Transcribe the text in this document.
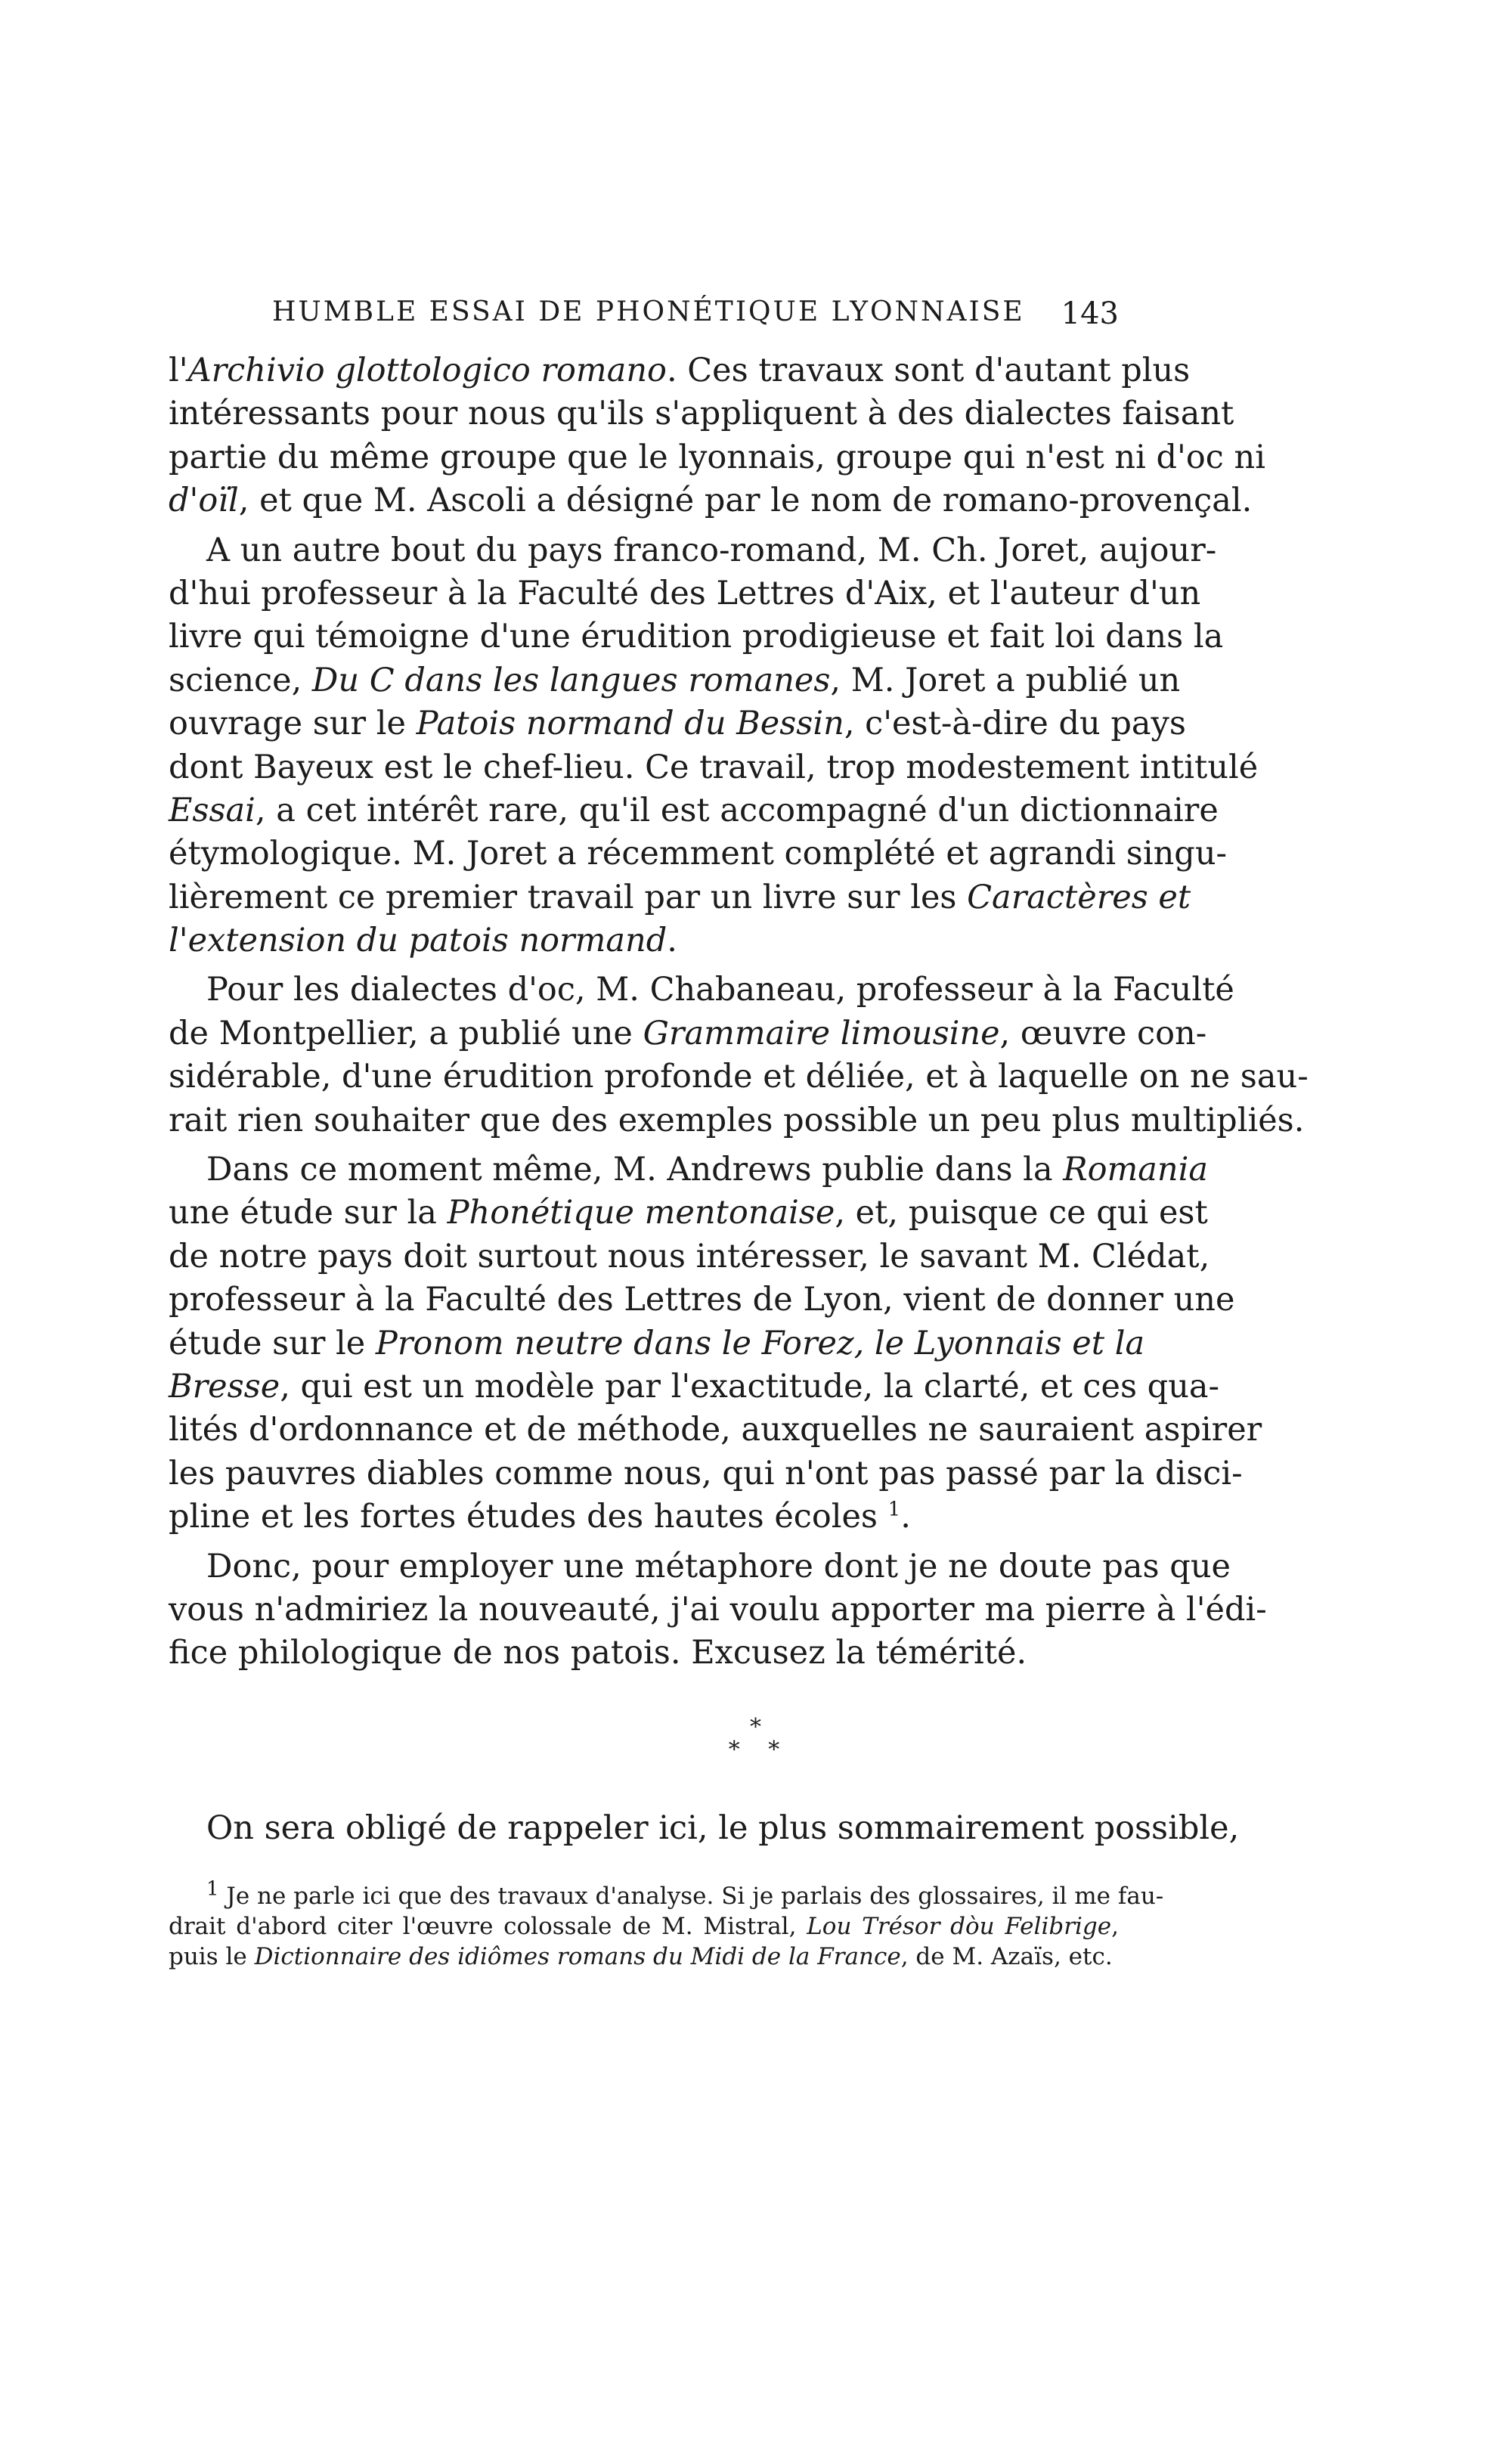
HUMBLE ESSAI DE PHONÉTIQUE LYONNAISE 143
l'Archivio glottologico romano. Ces travaux sont d'autant plus
intéressants pour nous qu'ils s'appliquent à des dialectes faisant
partie du même groupe que le lyonnais, groupe qui n'est ni d'oc ni
d'oïl, et que M. Ascoli a désigné par le nom de romano-provençal.
A un autre bout du pays franco-romand, M. Ch. Joret, aujour-
d'hui professeur à la Faculté des Lettres d'Aix, et l'auteur d'un
livre qui témoigne d'une érudition prodigieuse et fait loi dans la
science, Du C dans les langues romanes, M. Joret a publié un
ouvrage sur le Patois normand du Bessin, c'est-à-dire du pays
dont Bayeux est le chef-lieu. Ce travail, trop modestement intitulé
Essai, a cet intérêt rare, qu'il est accompagné d'un dictionnaire
étymologique. M. Joret a récemment complété et agrandi singu-
lièrement ce premier travail par un livre sur les Caractères et
l'extension du patois normand.
Pour les dialectes d'oc, M. Chabaneau, professeur à la Faculté
de Montpellier, a publié une Grammaire limousine, œuvre con-
sidérable, d'une érudition profonde et déliée, et à laquelle on ne sau-
rait rien souhaiter que des exemples possible un peu plus multipliés.
Dans ce moment même, M. Andrews publie dans la Romania
une étude sur la Phonétique mentonaise, et, puisque ce qui est
de notre pays doit surtout nous intéresser, le savant M. Clédat,
professeur à la Faculté des Lettres de Lyon, vient de donner une
étude sur le Pronom neutre dans le Forez, le Lyonnais et la
Bresse, qui est un modèle par l'exactitude, la clarté, et ces qua-
lités d'ordonnance et de méthode, auxquelles ne sauraient aspirer
les pauvres diables comme nous, qui n'ont pas passé par la disci-
pline et les fortes études des hautes écoles $^1$.
Donc, pour employer une métaphore dont je ne doute pas que
vous n'admiriez la nouveauté, j'ai voulu apporter ma pierre à l'édi-
fice philologique de nos patois. Excusez la témérité.
*
* *
On sera obligé de rappeler ici, le plus sommairement possible,
$^1$ Je ne parle ici que des travaux d'analyse. Si je parlais des glossaires, il me fau-
drait d'abord citer l'œuvre colossale de M. Mistral, Lou Trésor dòu Felibrige,
puis le Dictionnaire des idiômes romans du Midi de la France, de M. Azaïs, etc.
